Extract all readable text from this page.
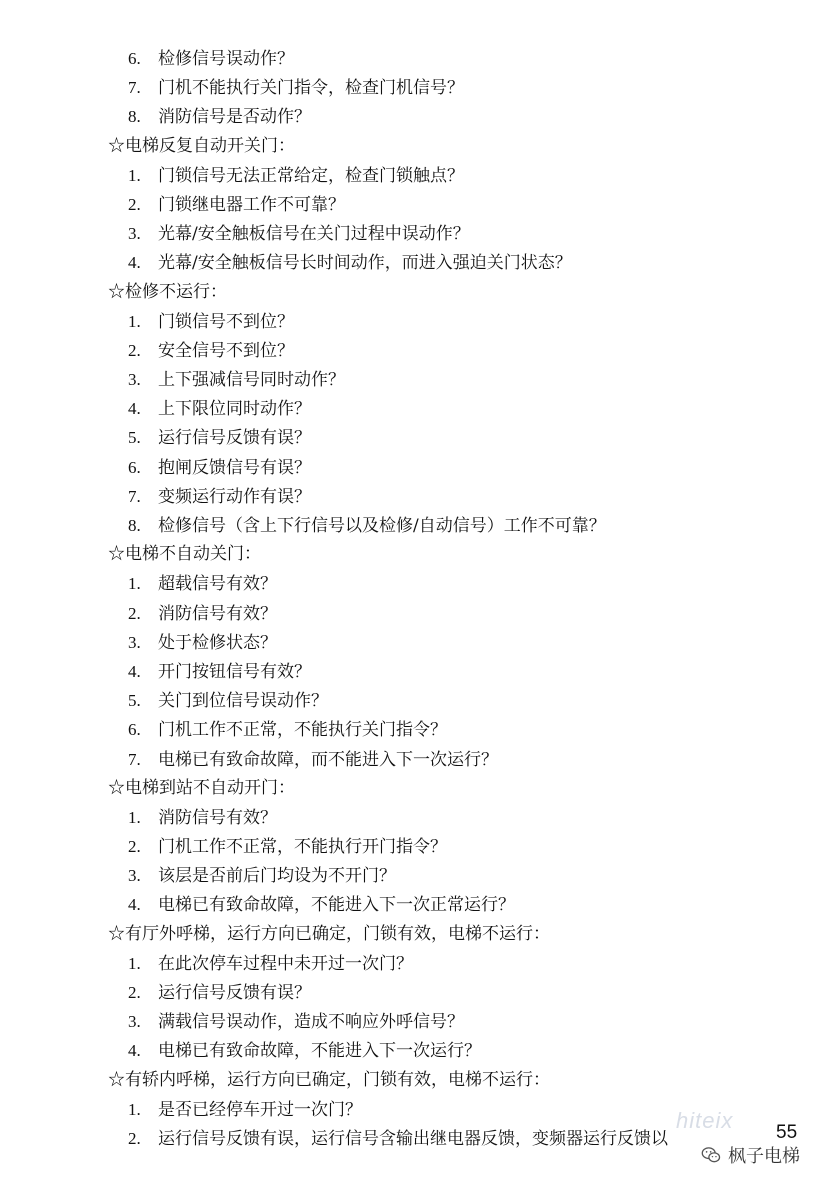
6. 检修信号误动作？
7. 门机不能执行关门指令，检查门机信号？
8. 消防信号是否动作？
☆电梯反复自动开关门：
1. 门锁信号无法正常给定，检查门锁触点？
2. 门锁继电器工作不可靠？
3. 光幕/安全触板信号在关门过程中误动作？
4. 光幕/安全触板信号长时间动作，而进入强迫关门状态？
☆检修不运行：
1. 门锁信号不到位？
2. 安全信号不到位？
3. 上下强减信号同时动作？
4. 上下限位同时动作？
5. 运行信号反馈有误？
6. 抱闸反馈信号有误？
7. 变频运行动作有误？
8. 检修信号（含上下行信号以及检修/自动信号）工作不可靠？
☆电梯不自动关门：
1. 超载信号有效？
2. 消防信号有效？
3. 处于检修状态？
4. 开门按钮信号有效？
5. 关门到位信号误动作？
6. 门机工作不正常，不能执行关门指令？
7. 电梯已有致命故障，而不能进入下一次运行？
☆电梯到站不自动开门：
1. 消防信号有效？
2. 门机工作不正常，不能执行开门指令？
3. 该层是否前后门均设为不开门？
4. 电梯已有致命故障，不能进入下一次正常运行？
☆有厅外呼梯，运行方向已确定，门锁有效，电梯不运行：
1. 在此次停车过程中未开过一次门？
2. 运行信号反馈有误？
3. 满载信号误动作，造成不响应外呼信号？
4. 电梯已有致命故障，不能进入下一次运行？
☆有轿内呼梯，运行方向已确定，门锁有效，电梯不运行：
1. 是否已经停车开过一次门？
2. 运行信号反馈有误，运行信号含输出继电器反馈，变频器运行反馈以
hiteix 55
枫子电梯
